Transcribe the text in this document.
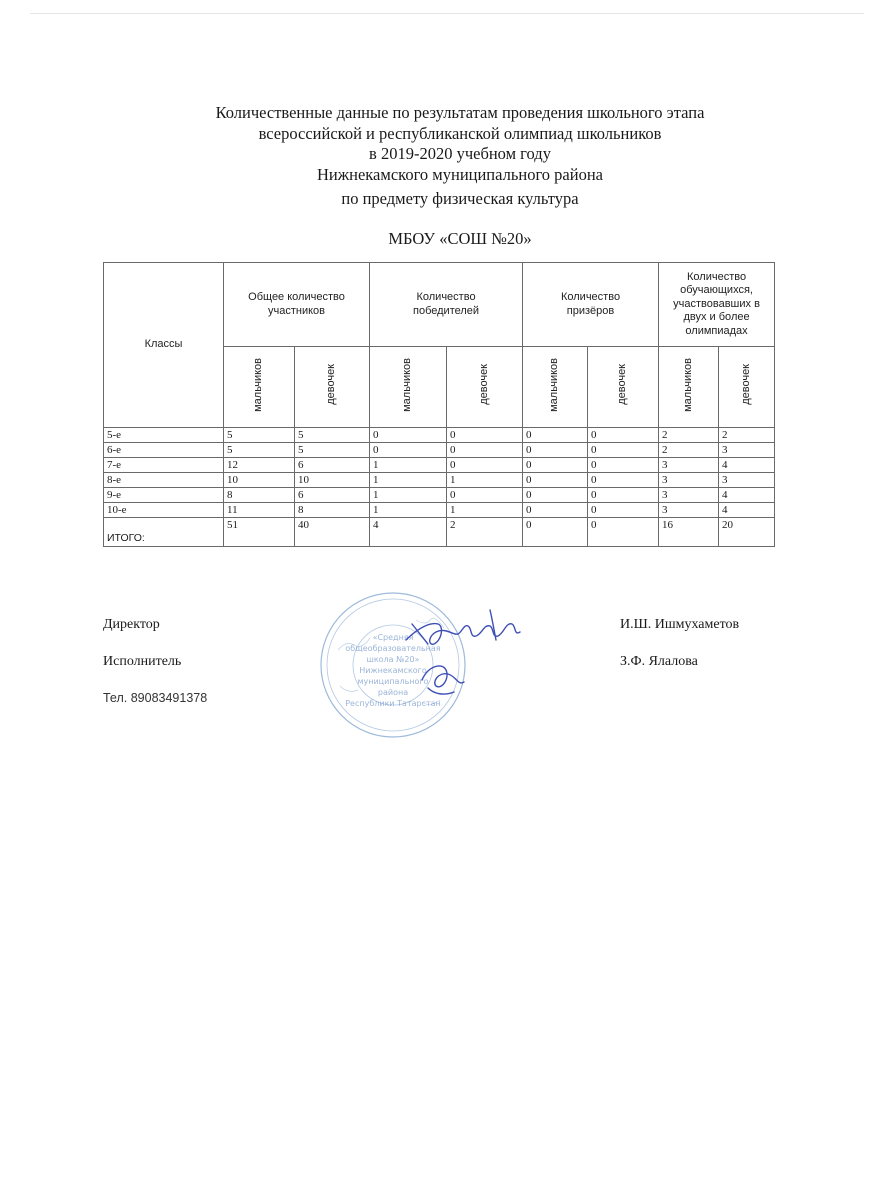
Количественные данные по результатам проведения школьного этапа
всероссийской и республиканской олимпиад школьников
в 2019-2020 учебном году
Нижнекамского муниципального района
по предмету физическая культура
МБОУ «СОШ №20»
Классы	Общее количество участников		Количество победителей		Количество призёров		Количество обучающихся, участвовавших в двух и более олимпиадах	
	мальчиков	девочек	мальчиков	девочек	мальчиков	девочек	мальчиков	девочек
5-е	5	5	0	0	0	0	2	2
6-е	5	5	0	0	0	0	2	3
7-е	12	6	1	0	0	0	3	4
8-е	10	10	1	1	0	0	3	3
9-е	8	6	1	0	0	0	3	4
10-е	11	8	1	1	0	0	3	4
ИТОГО:	51	40	4	2	0	0	16	20
Директор	И.Ш. Ишмухаметов
Исполнитель	З.Ф. Ялалова
Тел. 89083491378
«Средняя
общеобразовательная
школа №20»
Нижнекамского
муниципального
района
Республики Татарстан
